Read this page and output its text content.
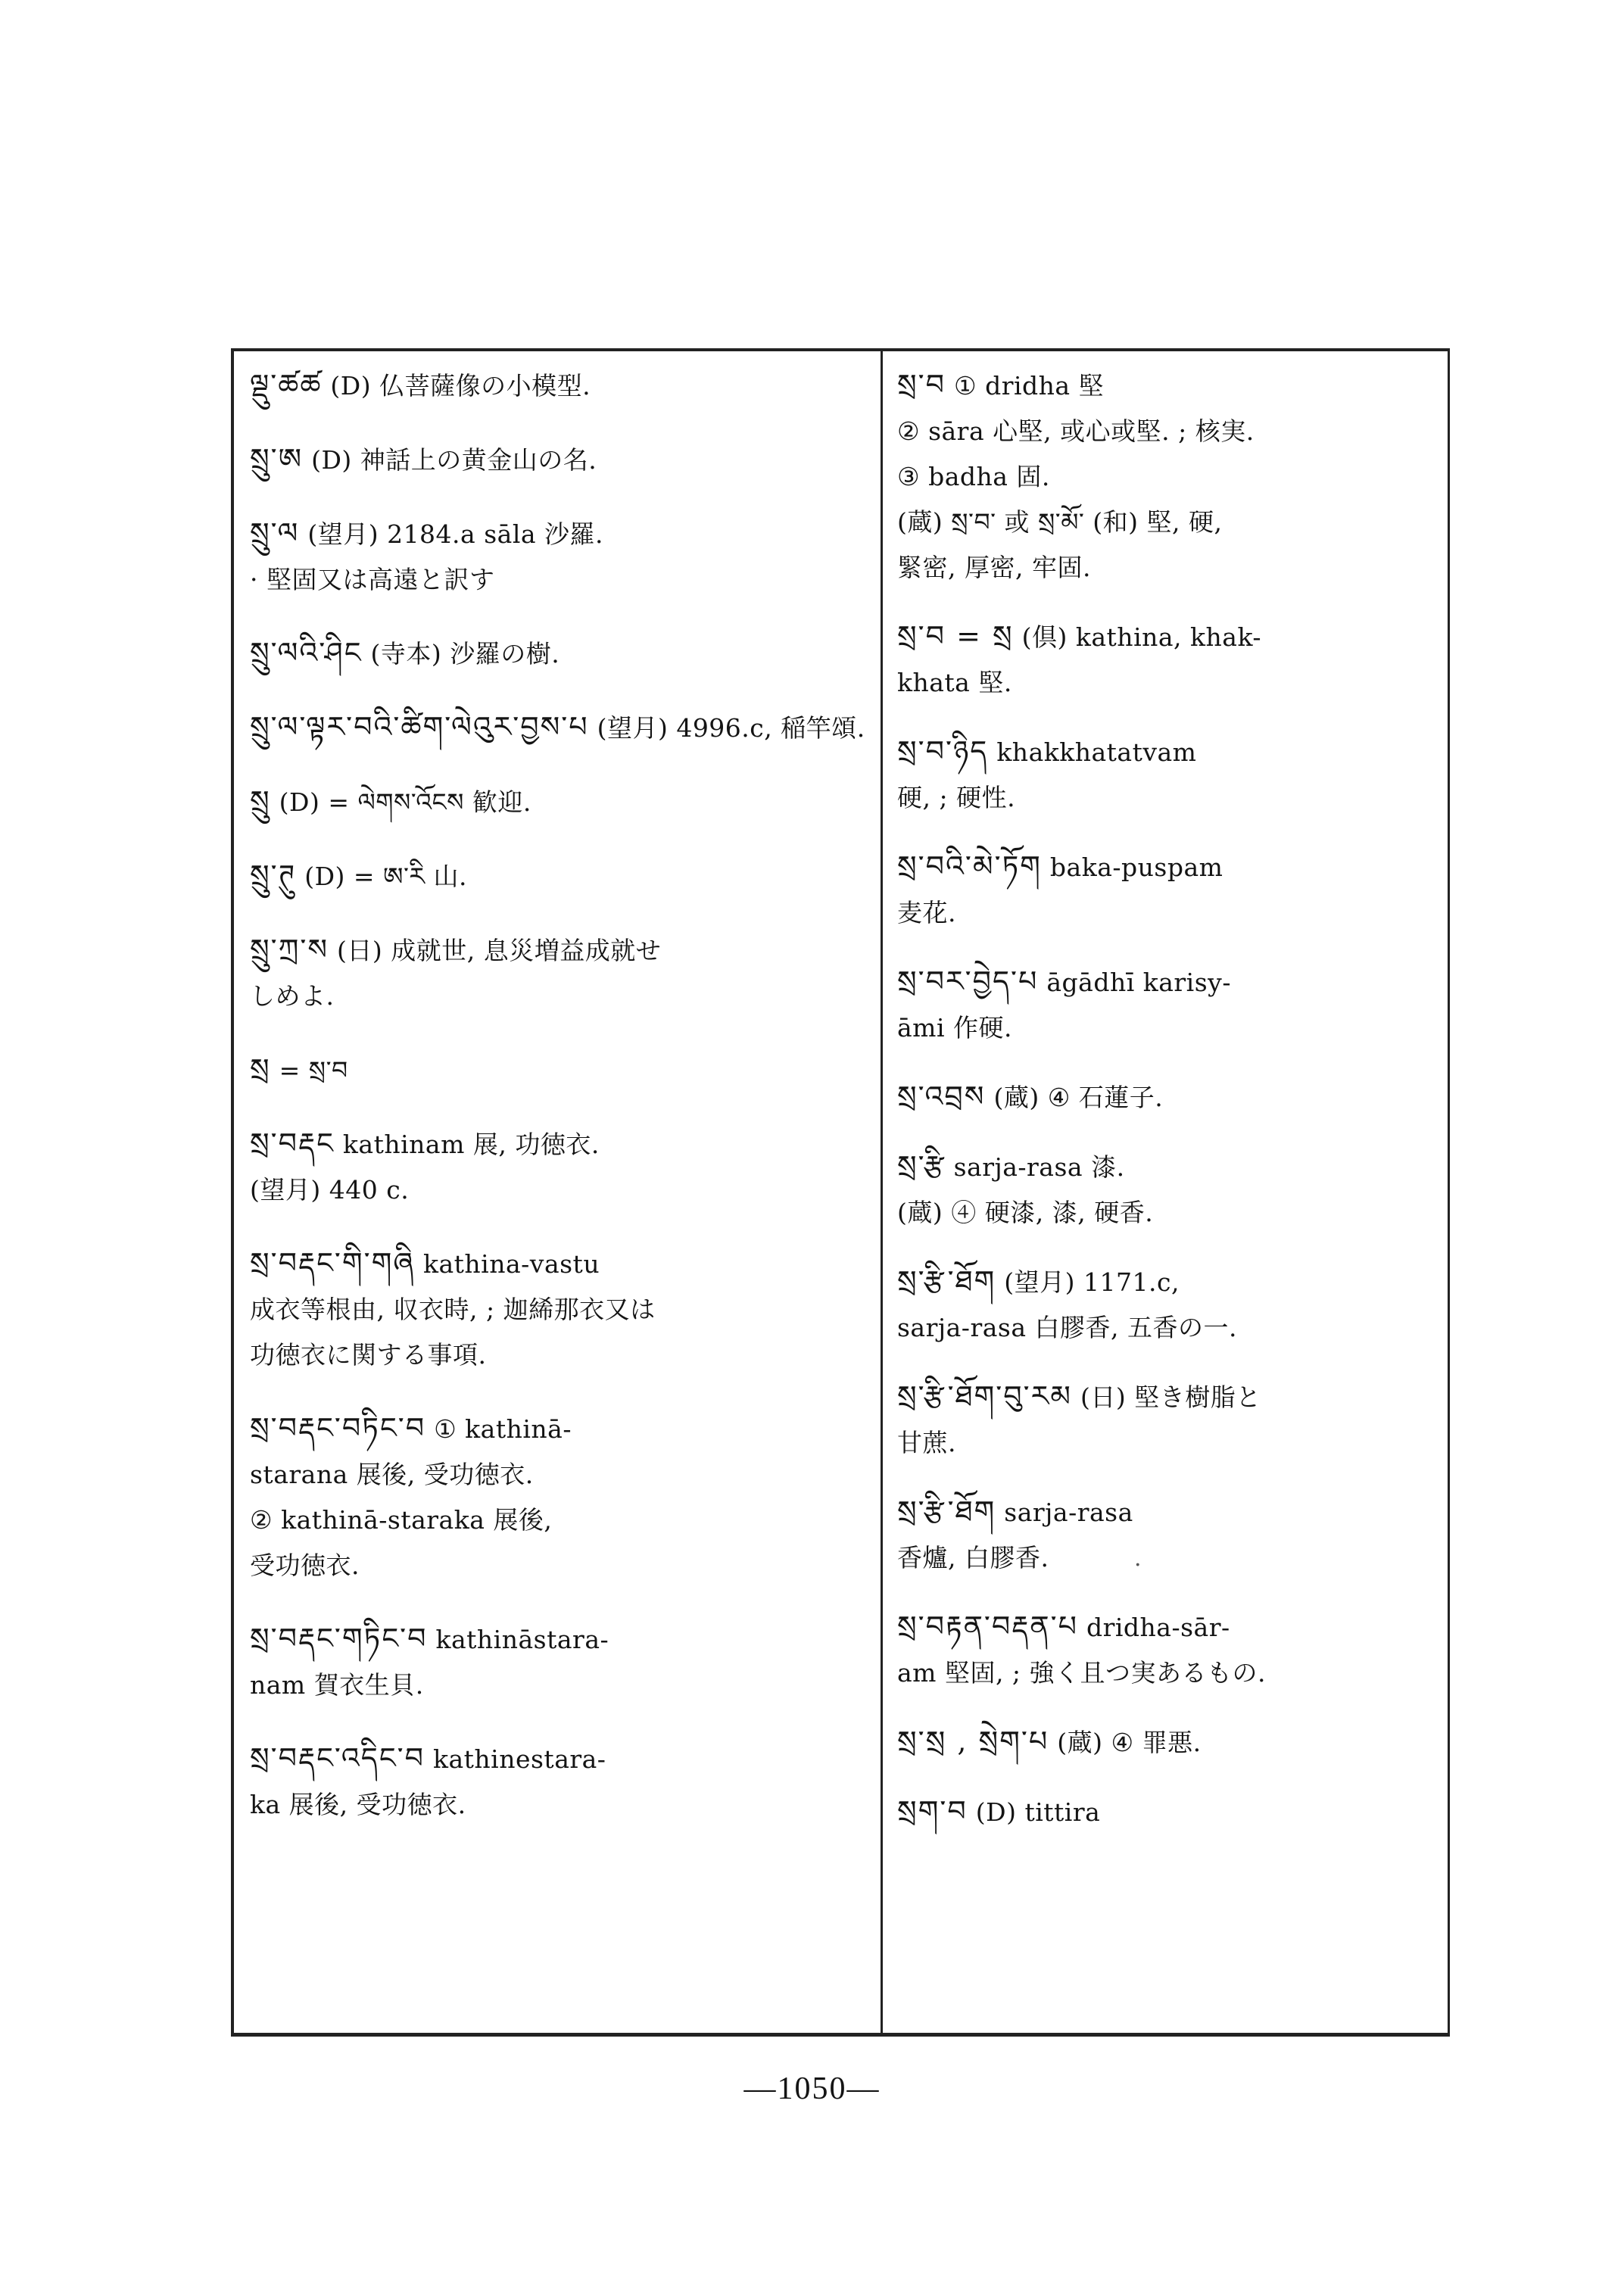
ལྡུ་ཚཚ (D) 仏菩薩像の小模型.

སྲུ་ཨ (D) 神話上の黄金山の名.

སྲུ་ལ (望月) 2184.a sāla 沙羅.
· 堅固又は高遠と訳す

སྲུ་ལའི་ཤིང (寺本) 沙羅の樹.

སྲུ་ལ་ལྟར་བའི་ཚིག་ལེའུར་བྱས་པ (望月) 4996.c, 稲竿頌.

སྲུ (D) = ལེགས་འོངས 歓迎.

སྲུ་ཊུ (D) = ཨ་རི 山.

སྲུ་ཀྲ་ས (日) 成就世, 息災増益成就せ
しめよ.

སྲ = སྲ་བ

སྲ་བརྡང kathinam 展, 功徳衣.
(望月) 440 c.

སྲ་བརྡང་གི་གཞི kathina-vastu
成衣等根由, 収衣時, ; 迦絺那衣又は
功徳衣に関する事項.

སྲ་བརྡང་བཏིང་བ ① kathinā-
starana 展後, 受功徳衣.
② kathinā-staraka 展後,
受功徳衣.

སྲ་བརྡང་གཏིང་བ kathināstara-
nam 賀衣生貝.

སྲ་བརྡང་འདིང་བ kathinestara-
ka 展後, 受功徳衣.

སྲ་བ ① dridha 堅
② sāra 心堅, 或心或堅. ; 核実.
③ badha 固.
(蔵) སྲ་བ་ 或 སྲ་མོ་ (和) 堅, 硬,
緊密, 厚密, 牢固.

སྲ་བ = སྲ (倶) kathina, khak-
khata 堅.

སྲ་བ་ཉིད khakkhatatvam
硬, ; 硬性.

སྲ་བའི་མེ་ཏོག baka-puspam
麦花.

སྲ་བར་བྱེད་པ āgādhī karisy-
āmi 作硬.

སྲ་འབྲས (蔵) ④ 石蓮子.

སྲ་རྩི sarja-rasa 漆.
(蔵) ④ 硬漆, 漆, 硬香.

སྲ་རྩི་ཐོག (望月) 1171.c,
sarja-rasa 白膠香, 五香の一.

སྲ་རྩི་ཐོག་བུ་རམ (日) 堅き樹脂と
甘蔗.

སྲ་རྩི་ཐོག sarja-rasa
香爐, 白膠香.

སྲ་བརྟན་བརྡན་པ dridha-sār-
am 堅固, ; 強く且つ実あるもの.

སྲ་སྲ , སྲེག་པ (蔵) ④ 罪悪.

སྲག་བ (D) tittira

·
—1050—
